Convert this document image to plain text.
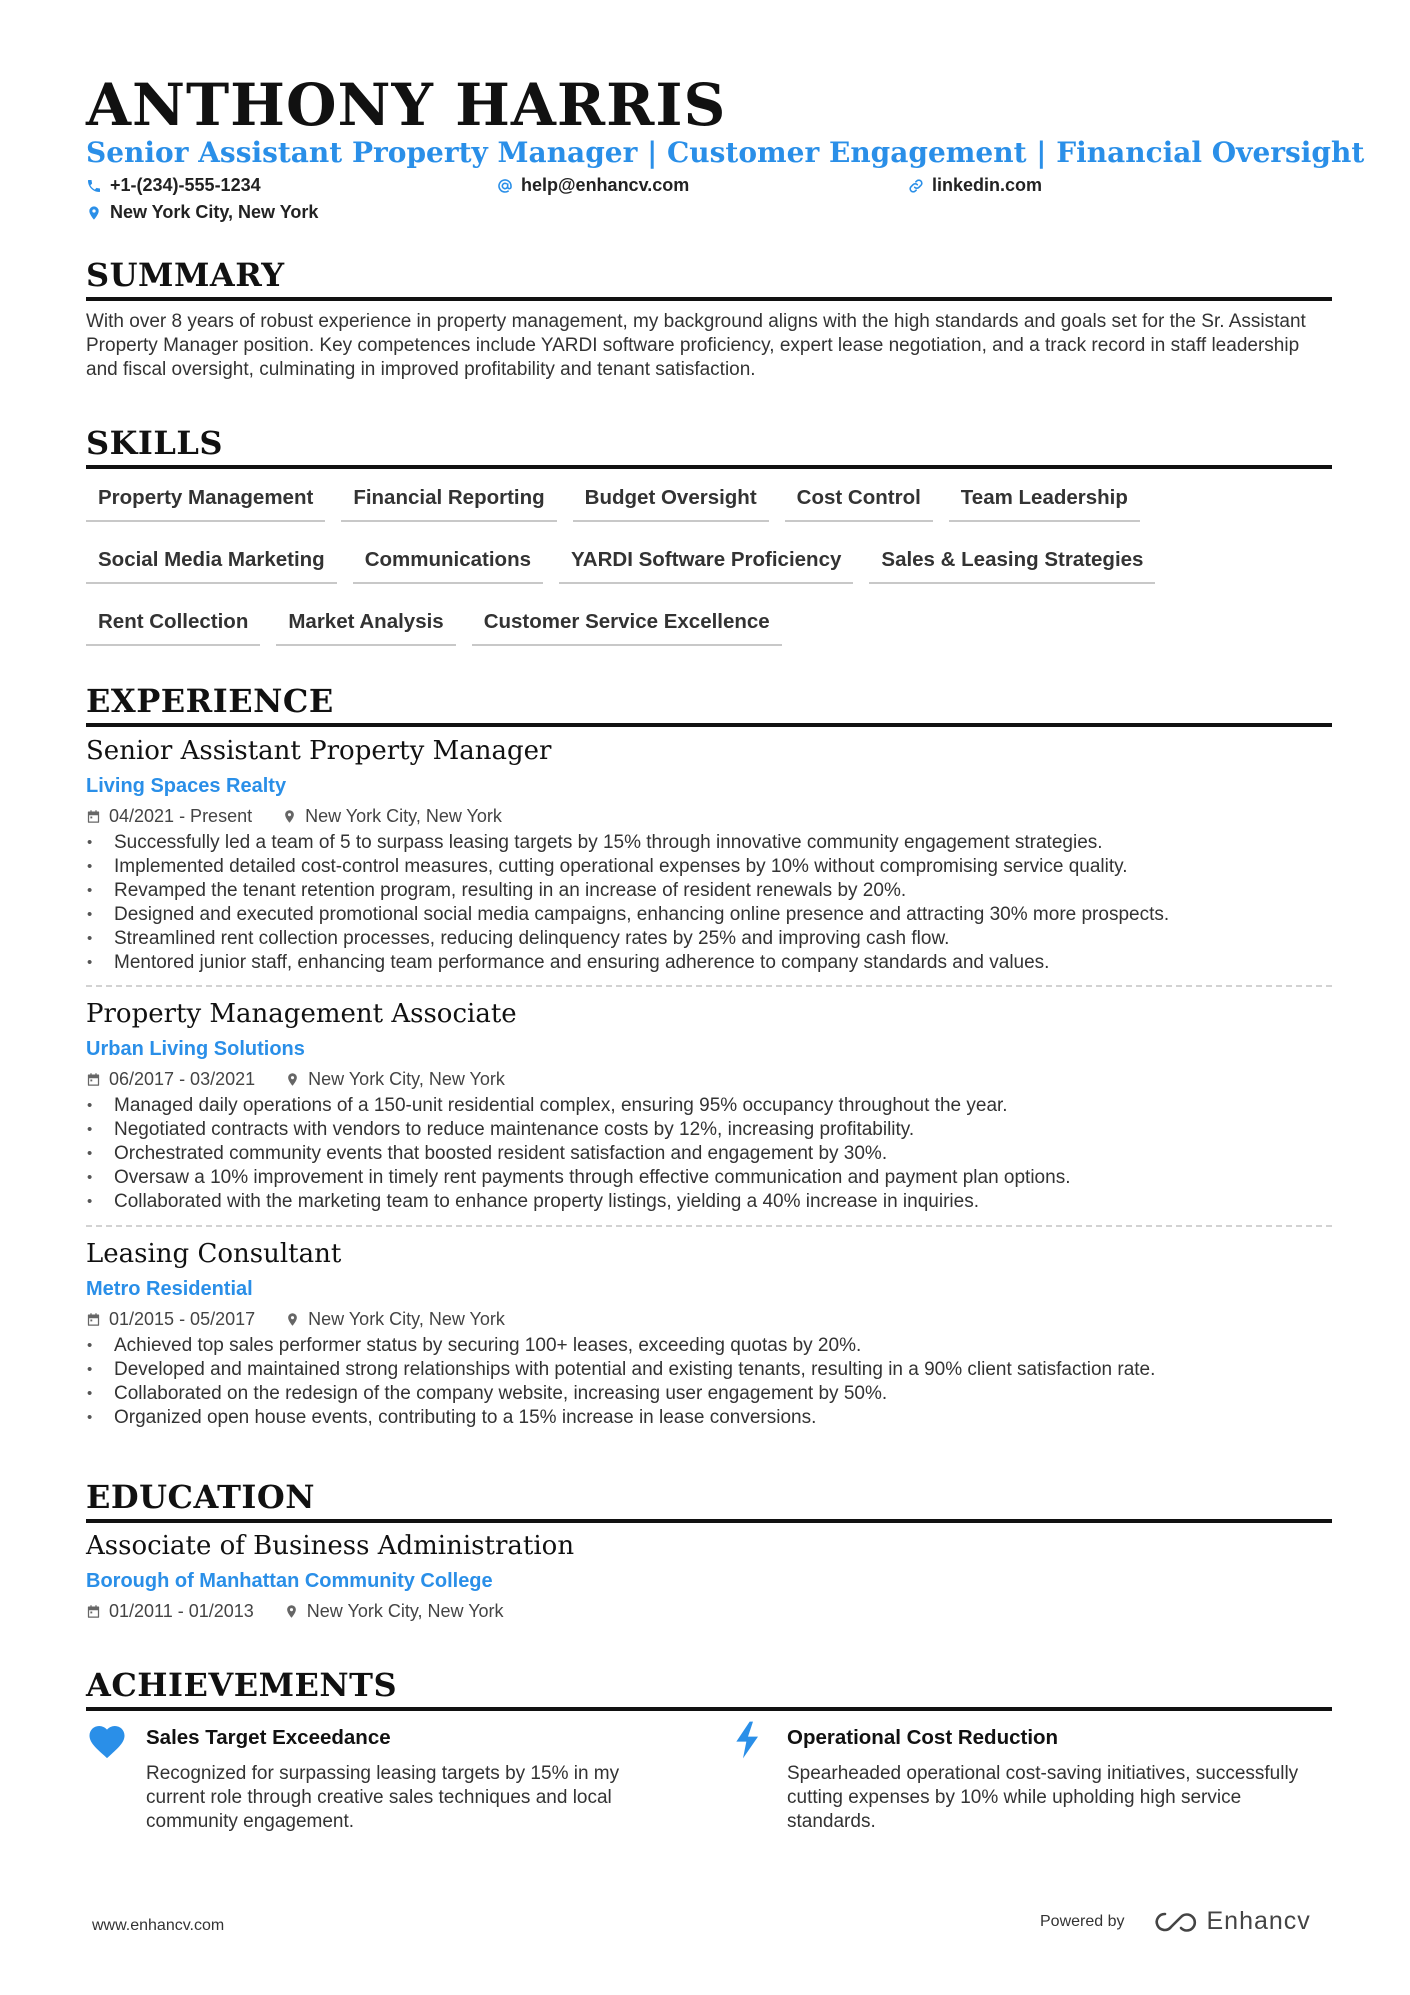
ANTHONY HARRIS
Senior Assistant Property Manager | Customer Engagement | Financial Oversight
+1-(234)-555-1234	help@enhancv.com	linkedin.com
New York City, New York
SUMMARY

With over 8 years of robust experience in property management, my background aligns with the high standards and goals set for the Sr. Assistant Property Manager position. Key competences include YARDI software proficiency, expert lease negotiation, and a track record in staff leadership and fiscal oversight, culminating in improved profitability and tenant satisfaction.

SKILLS
Property Management	Financial Reporting	Budget Oversight	Cost Control	Team Leadership
Social Media Marketing	Communications	YARDI Software Proficiency	Sales & Leasing Strategies
Rent Collection	Market Analysis	Customer Service Excellence
EXPERIENCE
Senior Assistant Property Manager
Living Spaces Realty
04/2021 - Present	New York City, New York
• Successfully led a team of 5 to surpass leasing targets by 15% through innovative community engagement strategies.
• Implemented detailed cost-control measures, cutting operational expenses by 10% without compromising service quality.
• Revamped the tenant retention program, resulting in an increase of resident renewals by 20%.
• Designed and executed promotional social media campaigns, enhancing online presence and attracting 30% more prospects.
• Streamlined rent collection processes, reducing delinquency rates by 25% and improving cash flow.
• Mentored junior staff, enhancing team performance and ensuring adherence to company standards and values.
Property Management Associate
Urban Living Solutions
06/2017 - 03/2021	New York City, New York
• Managed daily operations of a 150-unit residential complex, ensuring 95% occupancy throughout the year.
• Negotiated contracts with vendors to reduce maintenance costs by 12%, increasing profitability.
• Orchestrated community events that boosted resident satisfaction and engagement by 30%.
• Oversaw a 10% improvement in timely rent payments through effective communication and payment plan options.
• Collaborated with the marketing team to enhance property listings, yielding a 40% increase in inquiries.
Leasing Consultant
Metro Residential
01/2015 - 05/2017	New York City, New York
• Achieved top sales performer status by securing 100+ leases, exceeding quotas by 20%.
• Developed and maintained strong relationships with potential and existing tenants, resulting in a 90% client satisfaction rate.
• Collaborated on the redesign of the company website, increasing user engagement by 50%.
• Organized open house events, contributing to a 15% increase in lease conversions.
EDUCATION
Associate of Business Administration
Borough of Manhattan Community College
01/2011 - 01/2013	New York City, New York
ACHIEVEMENTS
Sales Target Exceedance
Recognized for surpassing leasing targets by 15% in my current role through creative sales techniques and local community engagement.
Operational Cost Reduction
Spearheaded operational cost-saving initiatives, successfully cutting expenses by 10% while upholding high service standards.
www.enhancv.com	Powered by	Enhancv
